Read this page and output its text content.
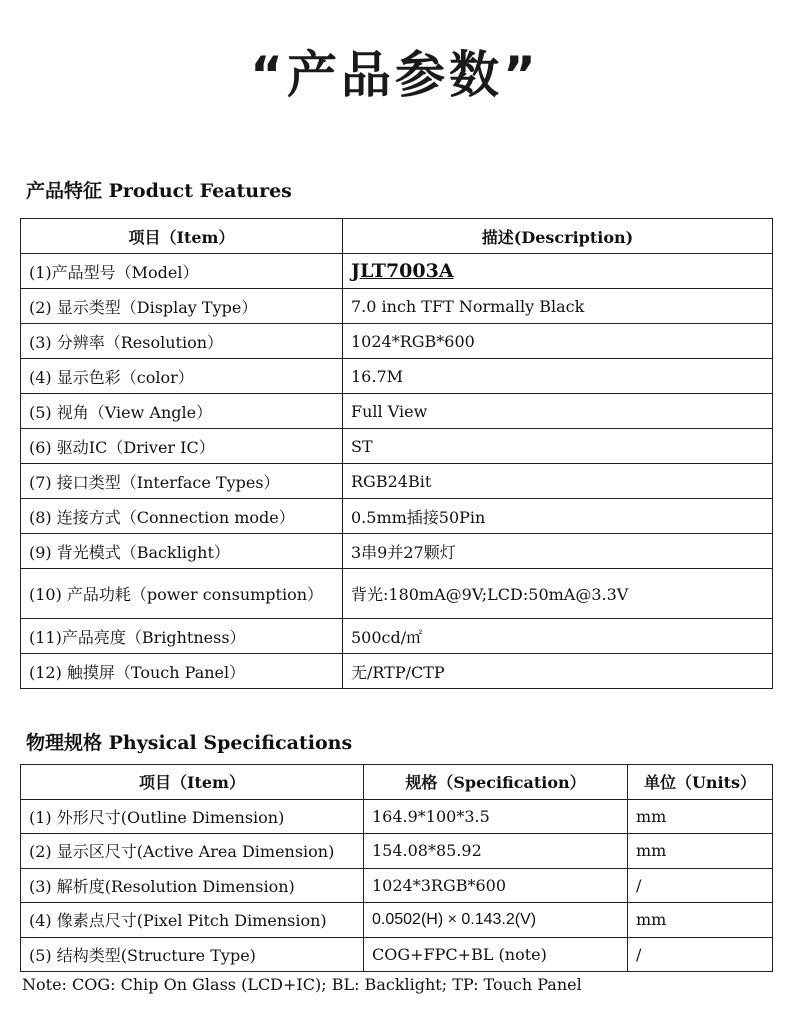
“产品参数”
产品特征 Product Features
项目（Item）	描述(Description)
(1)产品型号（Model）	JLT7003A
(2) 显示类型（Display Type）	7.0 inch TFT Normally Black
(3) 分辨率（Resolution）	1024*RGB*600
(4) 显示色彩（color）	16.7M
(5) 视角（View Angle）	Full View
(6) 驱动IC（Driver IC）	ST
(7) 接口类型（Interface Types）	RGB24Bit
(8) 连接方式（Connection mode）	0.5mm插接50Pin
(9) 背光模式（Backlight）	3串9并27颗灯
(10) 产品功耗（power consumption）	背光:180mA@9V;LCD:50mA@3.3V
(11)产品亮度（Brightness）	500cd/㎡
(12) 触摸屏（Touch Panel）	无/RTP/CTP
物理规格 Physical Specifications
项目（Item）	规格（Specification）	单位（Units）
(1) 外形尺寸(Outline Dimension)	164.9*100*3.5	mm
(2) 显示区尺寸(Active Area Dimension)	154.08*85.92	mm
(3) 解析度(Resolution Dimension)	1024*3RGB*600	/
(4) 像素点尺寸(Pixel Pitch Dimension)	0.0502(H) × 0.143.2(V)	mm
(5) 结构类型(Structure Type)	COG+FPC+BL (note)	/
Note: COG: Chip On Glass (LCD+IC); BL: Backlight; TP: Touch Panel
